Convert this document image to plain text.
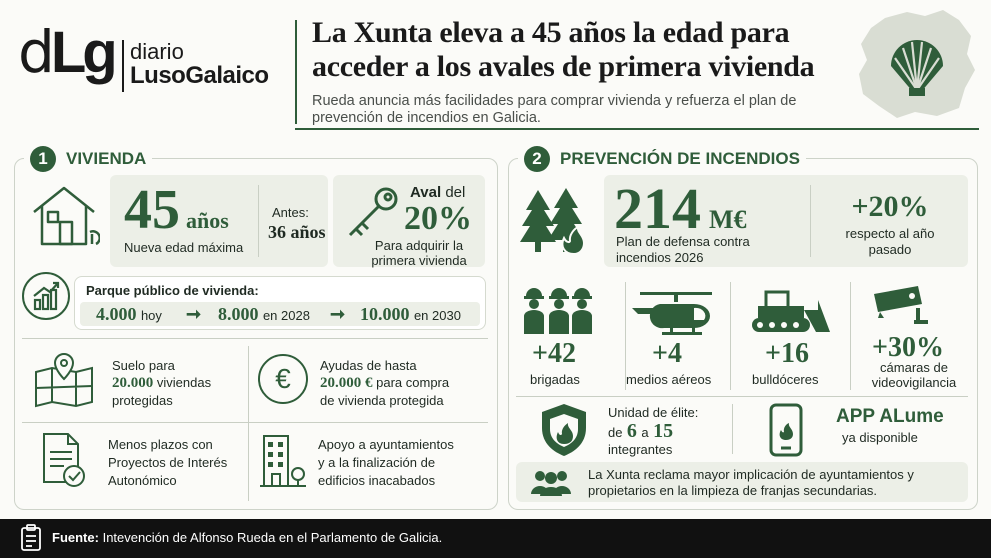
dLg diario
LusoGalaico
La Xunta eleva a 45 años la edad para acceder a los avales de primera vivienda
Rueda anuncia más facilidades para comprar vivienda y refuerza el plan de prevención de incendios en Galicia.
1	VIVIENDA
45 años
Nueva edad máxima
Antes:
36 años
Aval del
20%
Para adquirir la primera vivienda
Parque público de vivienda:
4.000 hoy ➞ 8.000 en 2028 ➞ 10.000 en 2030
Suelo para
20.000 viviendas
protegidas
€	Ayudas de hasta
20.000 € para compra
de vivienda protegida
Menos plazos con
Proyectos de Interés
Autonómico
Apoyo a ayuntamientos
y a la finalización de
edificios inacabados
2	PREVENCIÓN DE INCENDIOS
214 M€
Plan de defensa contra incendios 2026
+20%
respecto al año pasado
+42
brigadas
+4
medios aéreos
+16
bulldóceres
+30%
cámaras de videovigilancia
Unidad de élite:
de 6 a 15
integrantes
APP ALume
ya disponible
La Xunta reclama mayor implicación de ayuntamientos y propietarios en la limpieza de franjas secundarias.
Fuente: Intevención de Alfonso Rueda en el Parlamento de Galicia.
